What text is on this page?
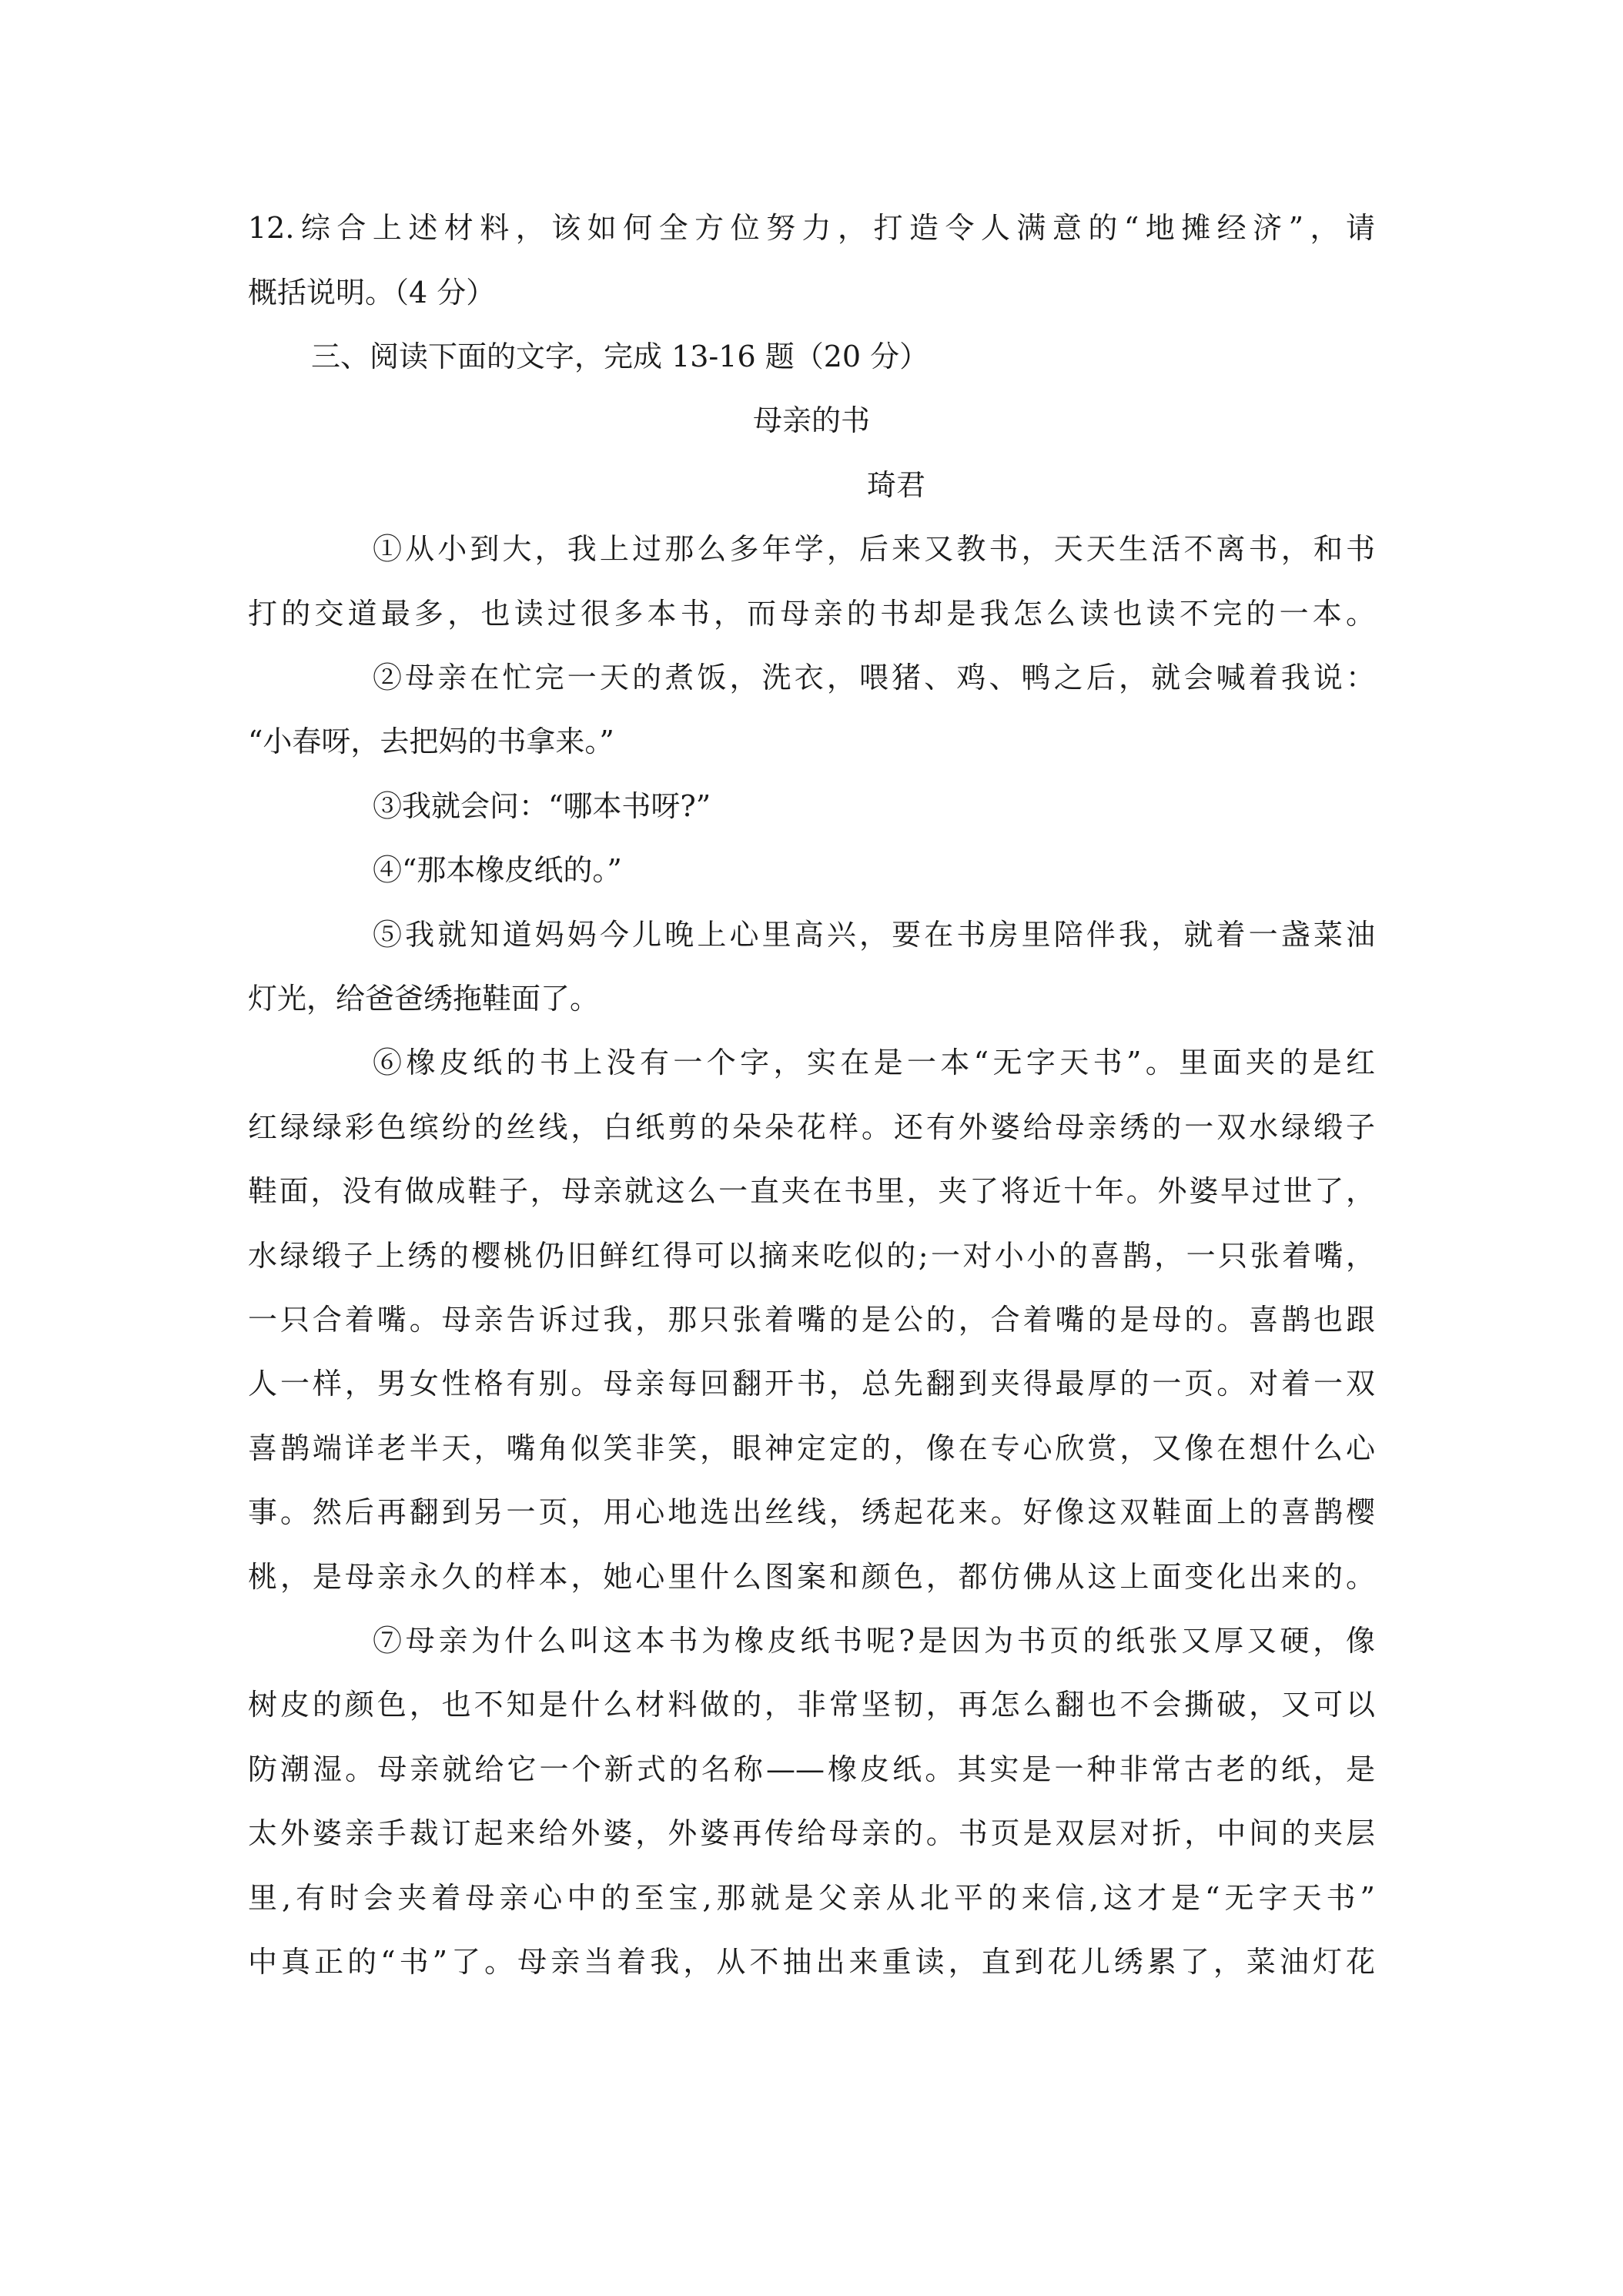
12.综合上述材料，该如何全方位努力，打造令人满意的“地摊经济”，请

概括说明。（4 分）

三、阅读下面的文字，完成 13-16 题（20 分）

母亲的书

琦君

①从小到大，我上过那么多年学，后来又教书，天天生活不离书，和书

打的交道最多，也读过很多本书，而母亲的书却是我怎么读也读不完的一本。

②母亲在忙完一天的煮饭，洗衣，喂猪、鸡、鸭之后，就会喊着我说：

“小春呀，去把妈的书拿来。”

③我就会问：“哪本书呀?”

④“那本橡皮纸的。”

⑤我就知道妈妈今儿晚上心里高兴，要在书房里陪伴我，就着一盏菜油

灯光，给爸爸绣拖鞋面了。

⑥橡皮纸的书上没有一个字，实在是一本“无字天书”。里面夹的是红

红绿绿彩色缤纷的丝线，白纸剪的朵朵花样。还有外婆给母亲绣的一双水绿缎子

鞋面，没有做成鞋子，母亲就这么一直夹在书里，夹了将近十年。外婆早过世了，

水绿缎子上绣的樱桃仍旧鲜红得可以摘来吃似的;一对小小的喜鹊，一只张着嘴，

一只合着嘴。母亲告诉过我，那只张着嘴的是公的，合着嘴的是母的。喜鹊也跟

人一样，男女性格有别。母亲每回翻开书，总先翻到夹得最厚的一页。对着一双

喜鹊端详老半天，嘴角似笑非笑，眼神定定的，像在专心欣赏，又像在想什么心

事。然后再翻到另一页，用心地选出丝线，绣起花来。好像这双鞋面上的喜鹊樱

桃，是母亲永久的样本，她心里什么图案和颜色，都仿佛从这上面变化出来的。

⑦母亲为什么叫这本书为橡皮纸书呢?是因为书页的纸张又厚又硬，像

树皮的颜色，也不知是什么材料做的，非常坚韧，再怎么翻也不会撕破，又可以

防潮湿。母亲就给它一个新式的名称——橡皮纸。其实是一种非常古老的纸，是

太外婆亲手裁订起来给外婆，外婆再传给母亲的。书页是双层对折，中间的夹层

里,有时会夹着母亲心中的至宝,那就是父亲从北平的来信,这才是“无字天书”

中真正的“书”了。母亲当着我，从不抽出来重读，直到花儿绣累了，菜油灯花
